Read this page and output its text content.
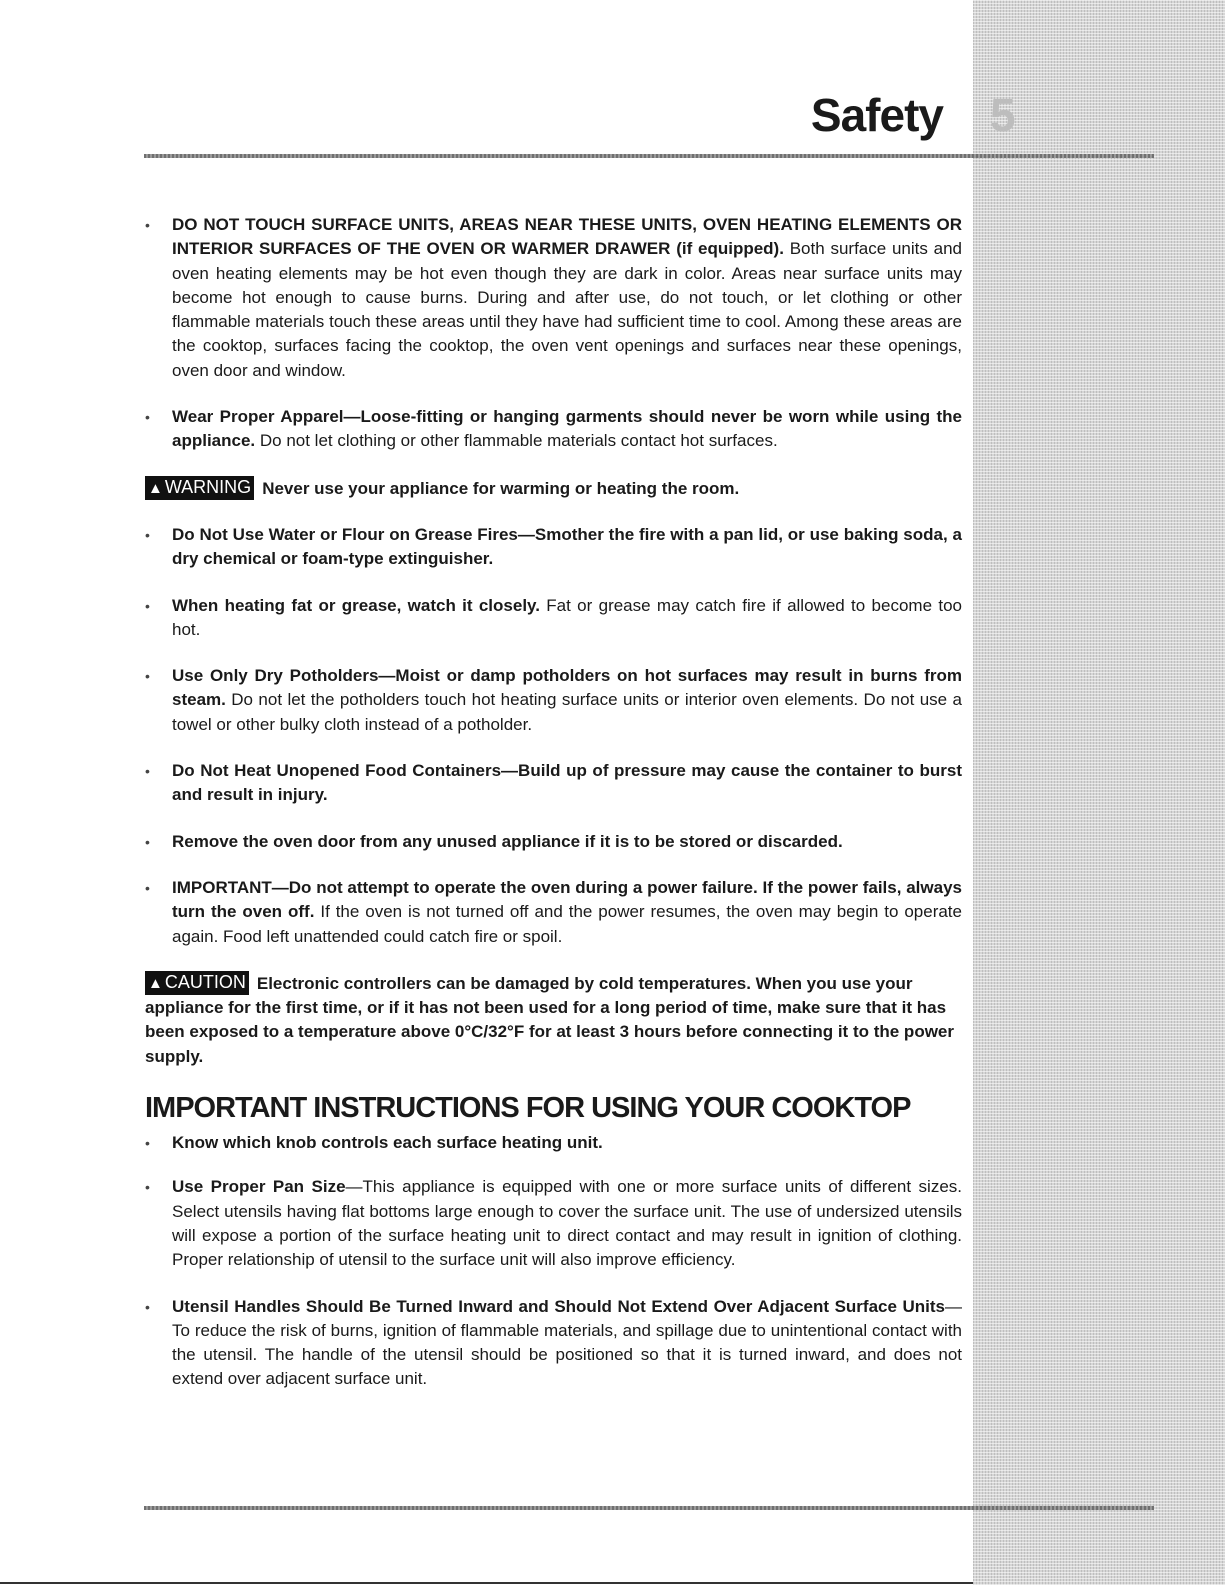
Safety 5
•	DO NOT TOUCH SURFACE UNITS, AREAS NEAR THESE UNITS, OVEN HEATING ELEMENTS OR INTERIOR SURFACES OF THE OVEN OR WARMER DRAWER (if equipped). Both surface units and oven heating elements may be hot even though they are dark in color. Areas near surface units may become hot enough to cause burns. During and after use, do not touch, or let clothing or other flammable materials touch these areas until they have had sufficient time to cool. Among these areas are the cooktop, surfaces facing the cooktop, the oven vent openings and surfaces near these openings, oven door and window.
•	Wear Proper Apparel—Loose-fitting or hanging garments should never be worn while using the appliance. Do not let clothing or other flammable materials contact hot surfaces.
▲ WARNING Never use your appliance for warming or heating the room.
•	Do Not Use Water or Flour on Grease Fires—Smother the fire with a pan lid, or use baking soda, a dry chemical or foam-type extinguisher.
•	When heating fat or grease, watch it closely. Fat or grease may catch fire if allowed to become too hot.
•	Use Only Dry Potholders—Moist or damp potholders on hot surfaces may result in burns from steam. Do not let the potholders touch hot heating surface units or interior oven elements. Do not use a towel or other bulky cloth instead of a potholder.
•	Do Not Heat Unopened Food Containers—Build up of pressure may cause the container to burst and result in injury.
•	Remove the oven door from any unused appliance if it is to be stored or discarded.
•	IMPORTANT—Do not attempt to operate the oven during a power failure. If the power fails, always turn the oven off. If the oven is not turned off and the power resumes, the oven may begin to operate again. Food left unattended could catch fire or spoil.
▲ CAUTION Electronic controllers can be damaged by cold temperatures. When you use your appliance for the first time, or if it has not been used for a long period of time, make sure that it has been exposed to a temperature above 0°C/32°F for at least 3 hours before connecting it to the power supply.
IMPORTANT INSTRUCTIONS FOR USING YOUR COOKTOP
•	Know which knob controls each surface heating unit.
•	Use Proper Pan Size—This appliance is equipped with one or more surface units of different sizes. Select utensils having flat bottoms large enough to cover the surface unit. The use of undersized utensils will expose a portion of the surface heating unit to direct contact and may result in ignition of clothing. Proper relationship of utensil to the surface unit will also improve efficiency.
•	Utensil Handles Should Be Turned Inward and Should Not Extend Over Adjacent Surface Units—To reduce the risk of burns, ignition of flammable materials, and spillage due to unintentional contact with the utensil. The handle of the utensil should be positioned so that it is turned inward, and does not extend over adjacent surface unit.
